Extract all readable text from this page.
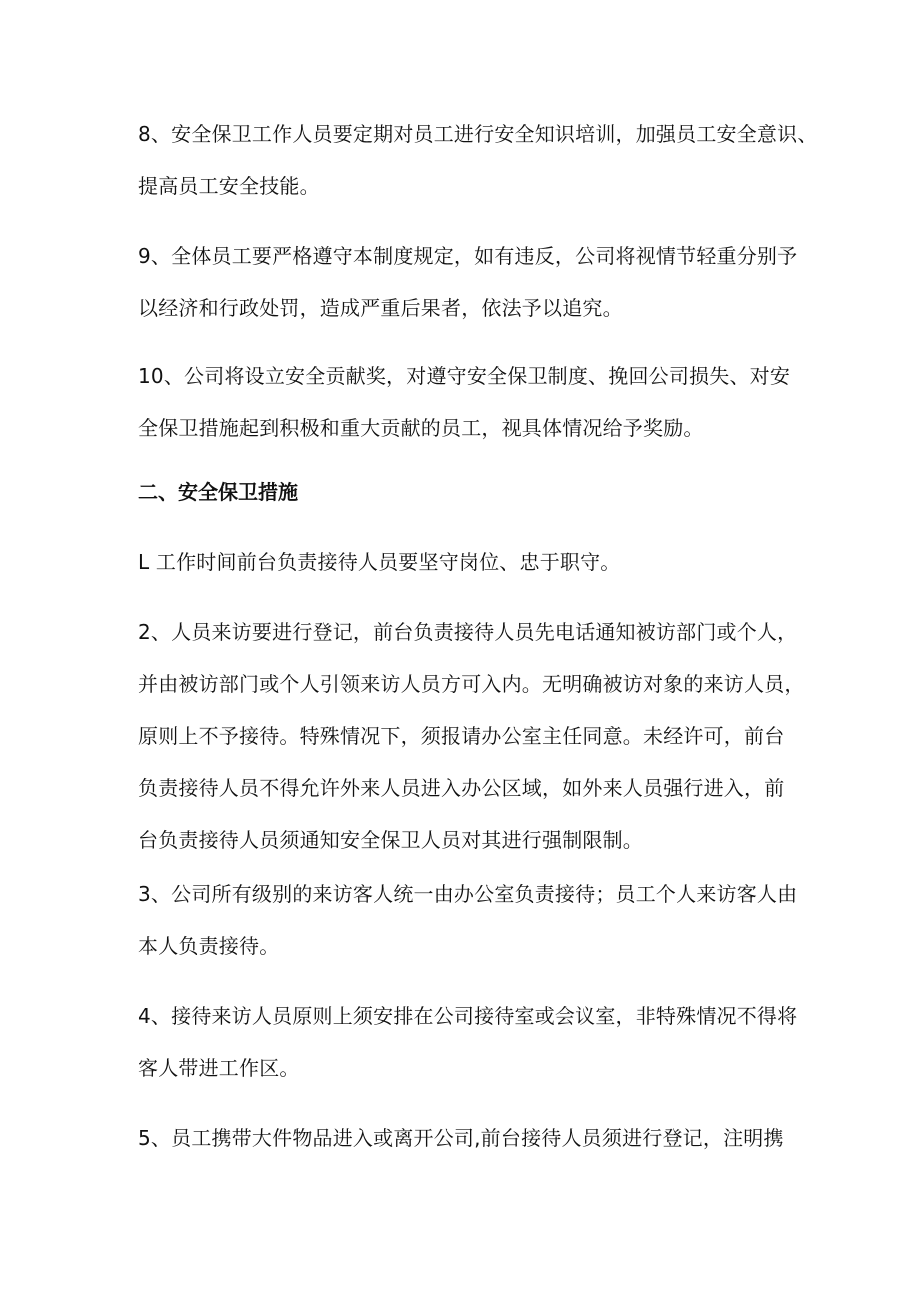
8、安全保卫工作人员要定期对员工进行安全知识培训，加强员工安全意识、
提高员工安全技能。

9、全体员工要严格遵守本制度规定，如有违反，公司将视情节轻重分别予
以经济和行政处罚，造成严重后果者，依法予以追究。

10、公司将设立安全贡献奖，对遵守安全保卫制度、挽回公司损失、对安
全保卫措施起到积极和重大贡献的员工，视具体情况给予奖励。

二、安全保卫措施

L 工作时间前台负责接待人员要坚守岗位、忠于职守。

2、人员来访要进行登记，前台负责接待人员先电话通知被访部门或个人，
并由被访部门或个人引领来访人员方可入内。无明确被访对象的来访人员，
原则上不予接待。特殊情况下，须报请办公室主任同意。未经许可，前台
负责接待人员不得允许外来人员进入办公区域，如外来人员强行进入，前
台负责接待人员须通知安全保卫人员对其进行强制限制。

3、公司所有级别的来访客人统一由办公室负责接待；员工个人来访客人由
本人负责接待。

4、接待来访人员原则上须安排在公司接待室或会议室，非特殊情况不得将
客人带进工作区。

5、员工携带大件物品进入或离开公司,前台接待人员须进行登记，注明携
